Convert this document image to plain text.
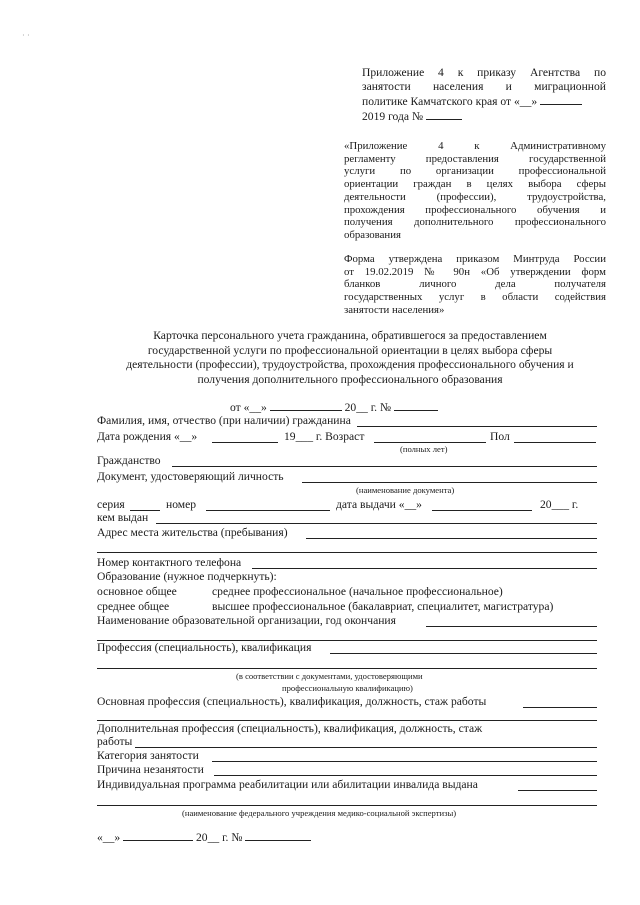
· ·
Приложение 4 к приказу Агентства по
занятости населения и миграционной
политике Камчатского края от «__»
2019 года №
«Приложение 4 к Административному
регламенту предоставления государственной
услуги по организации профессиональной
ориентации граждан в целях выбора сферы
деятельности (профессии), трудоустройства,
прохождения профессионального обучения и
получения дополнительного профессионального
образования
Форма утверждена приказом Минтруда России
от 19.02.2019 № 90н «Об утверждении форм
бланков личного дела получателя
государственных услуг в области содействия
занятости населения»
Карточка персонального учета гражданина, обратившегося за предоставлением
государственной услуги по профессиональной ориентации в целях выбора сферы
деятельности (профессии), трудоустройства, прохождения профессионального обучения и
получения дополнительного профессионального образования
от «__»	20__ г. №
Фамилия, имя, отчество (при наличии) гражданина
Дата рождения «__»	19___ г. Возраст	Пол
(полных лет)
Гражданство
Документ, удостоверяющий личность
(наименование документа)
серия	номер	дата выдачи «__»	20___ г.
кем выдан
Адрес места жительства (пребывания)
Номер контактного телефона
Образование (нужное подчеркнуть):
основное общее	среднее профессиональное (начальное профессиональное)
среднее общее	высшее профессиональное (бакалавриат, специалитет, магистратура)
Наименование образовательной организации, год окончания
Профессия (специальность), квалификация
(в соответствии с документами, удостоверяющими
профессиональную квалификацию)
Основная профессия (специальность), квалификация, должность, стаж работы
Дополнительная профессия (специальность), квалификация, должность, стаж
работы
Категория занятости
Причина незанятости
Индивидуальная программа реабилитации или абилитации инвалида выдана
(наименование федерального учреждения медико-социальной экспертизы)
«__»	20__ г. №
